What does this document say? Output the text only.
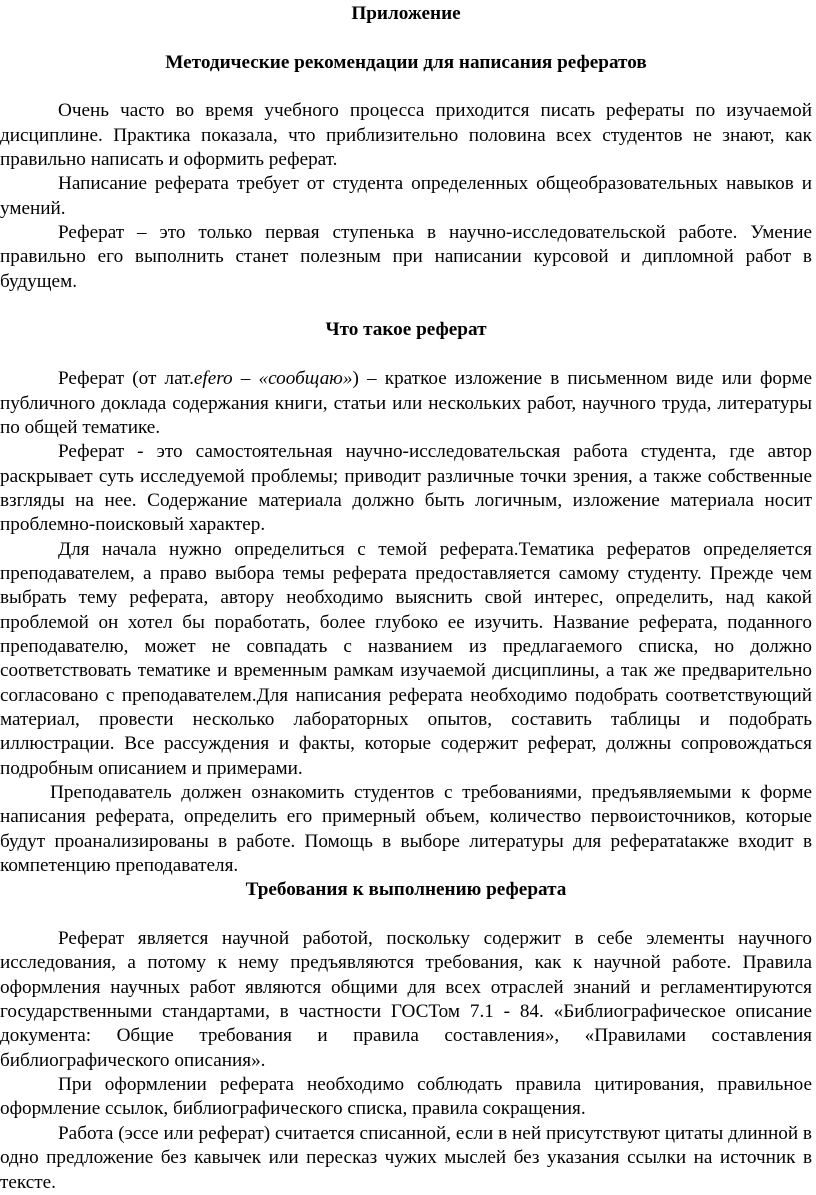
Приложение

Методические рекомендации для написания рефератов

Очень часто во время учебного процесса приходится писать рефераты по изучаемой дисциплине. Практика показала, что приблизительно половина всех студентов не знают, как правильно написать и оформить реферат.

Написание реферата требует от студента определенных общеобразовательных навыков и умений.

Реферат – это только первая ступенька в научно-исследовательской работе. Умение правильно его выполнить станет полезным при написании курсовой и дипломной работ в будущем.

Что такое реферат

Реферат (от лат.efero – «сообщаю») – краткое изложение в письменном виде или форме публичного доклада содержания книги, статьи или нескольких работ, научного труда, литературы по общей тематике.

Реферат - это самостоятельная научно-исследовательская работа студента, где автор раскрывает суть исследуемой проблемы; приводит различные точки зрения, а также собственные взгляды на нее. Содержание материала должно быть логичным, изложение материала носит проблемно-поисковый характер.

Для начала нужно определиться с темой реферата.Тематика рефератов определяется преподавателем, а право выбора темы реферата предоставляется самому студенту. Прежде чем выбрать тему реферата, автору необходимо выяснить свой интерес, определить, над какой проблемой он хотел бы поработать, более глубоко ее изучить. Название реферата, поданного преподавателю, может не совпадать с названием из предлагаемого списка, но должно соответствовать тематике и временным рамкам изучаемой дисциплины, а так же предварительно согласовано с преподавателем.Для написания реферата необходимо подобрать соответствующий материал, провести несколько лабораторных опытов, составить таблицы и подобрать иллюстрации. Все рассуждения и факты, которые содержит реферат, должны сопровождаться подробным описанием и примерами.

Преподаватель должен ознакомить студентов с требованиями, предъявляемыми к форме написания реферата, определить его примерный объем, количество первоисточников, которые будут проанализированы в работе. Помощь в выборе литературы для рефератatакже входит в компетенцию преподавателя.

Требования к выполнению реферата

Реферат является научной работой, поскольку содержит в себе элементы научного исследования, а потому к нему предъявляются требования, как к научной работе. Правила оформления научных работ являются общими для всех отраслей знаний и регламентируются государственными стандартами, в частности ГОСТом 7.1 - 84. «Библиографическое описание документа: Общие требования и правила составления», «Правилами составления библиографического описания».

При оформлении реферата необходимо соблюдать правила цитирования, правильное оформление ссылок, библиографического списка, правила сокращения.

Работа (эссе или реферат) считается списанной, если в ней присутствуют цитаты длинной в одно предложение без кавычек или пересказ чужих мыслей без указания ссылки на источник в тексте.
